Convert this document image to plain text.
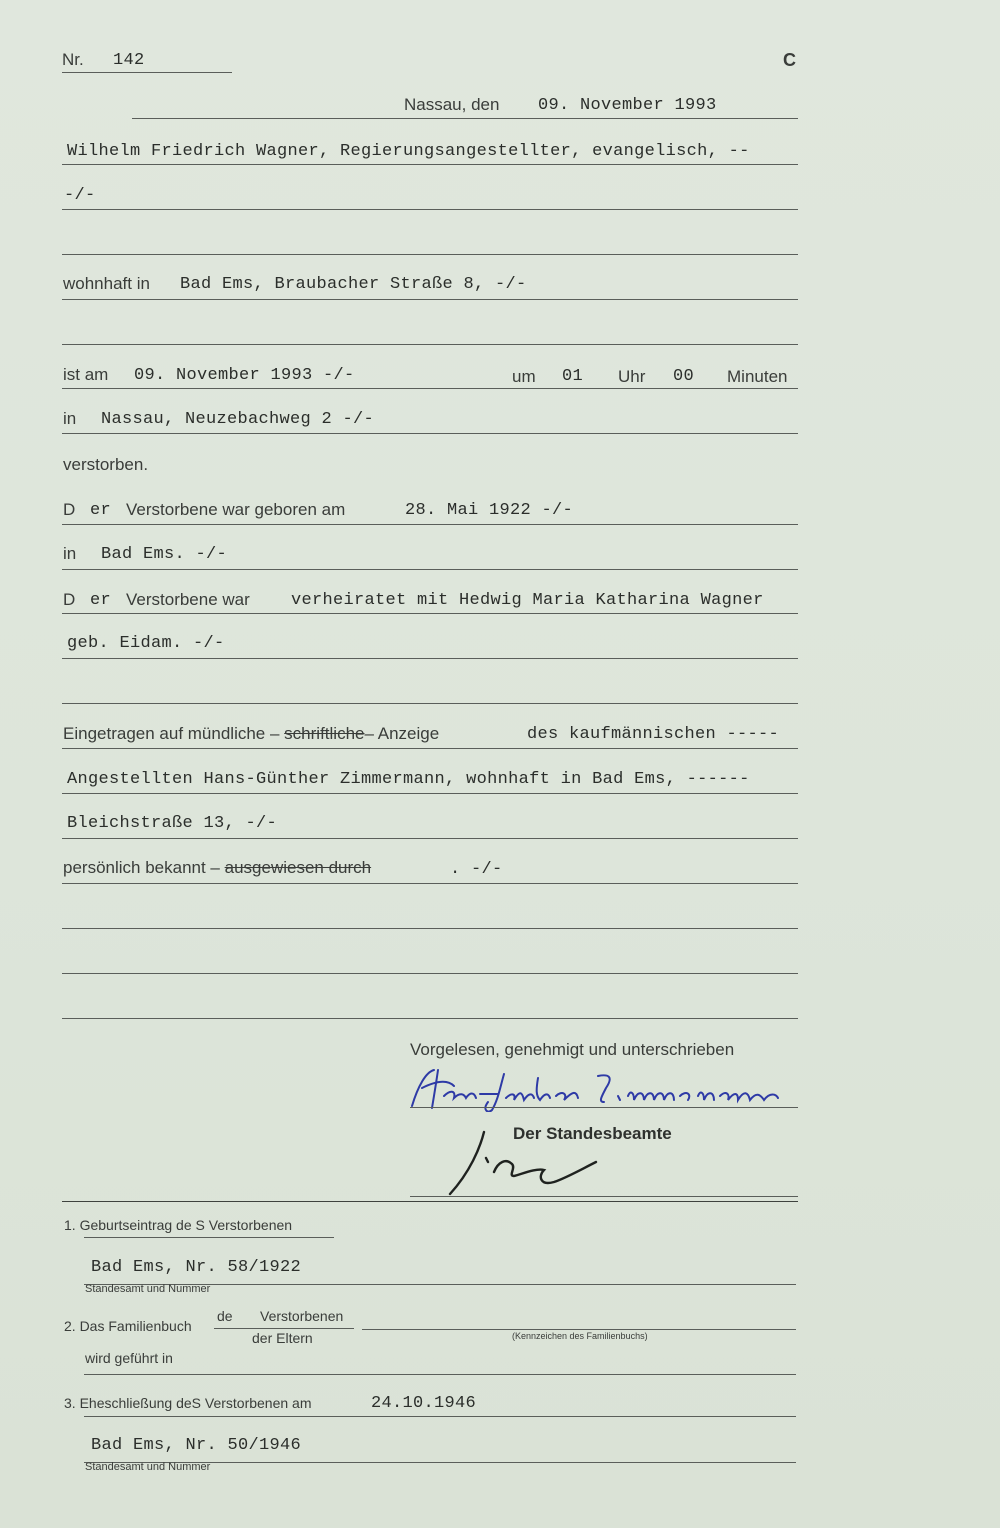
Nr. 142	C
Nassau, den 09. November 1993
Wilhelm Friedrich Wagner, Regierungsangestellter, evangelisch, --
-/-
wohnhaft in Bad Ems, Braubacher Straße 8, -/-
ist am 09. November 1993 -/-	um 01 Uhr 00 Minuten
in Nassau, Neuzebachweg 2 -/-
verstorben.
D er Verstorbene war geboren am	28. Mai 1922 -/-
in Bad Ems. -/-
D er Verstorbene war verheiratet mit Hedwig Maria Katharina Wagner
geb. Eidam. -/-
Eingetragen auf mündliche – schriftliche– Anzeige	des kaufmännischen -----
Angestellten Hans-Günther Zimmermann, wohnhaft in Bad Ems, ------
Bleichstraße 13, -/-
persönlich bekannt – ausgewiesen durch	. -/-
Vorgelesen, genehmigt und unterschrieben
Der Standesbeamte
1. Geburtseintrag de S Verstorbenen
Bad Ems, Nr. 58/1922
Standesamt und Nummer
2. Das Familienbuch
de Verstorbenen
der Eltern	(Kennzeichen des Familienbuchs)
wird geführt in
3. Eheschließung deS Verstorbenen am	24.10.1946
Bad Ems, Nr. 50/1946
Standesamt und Nummer
